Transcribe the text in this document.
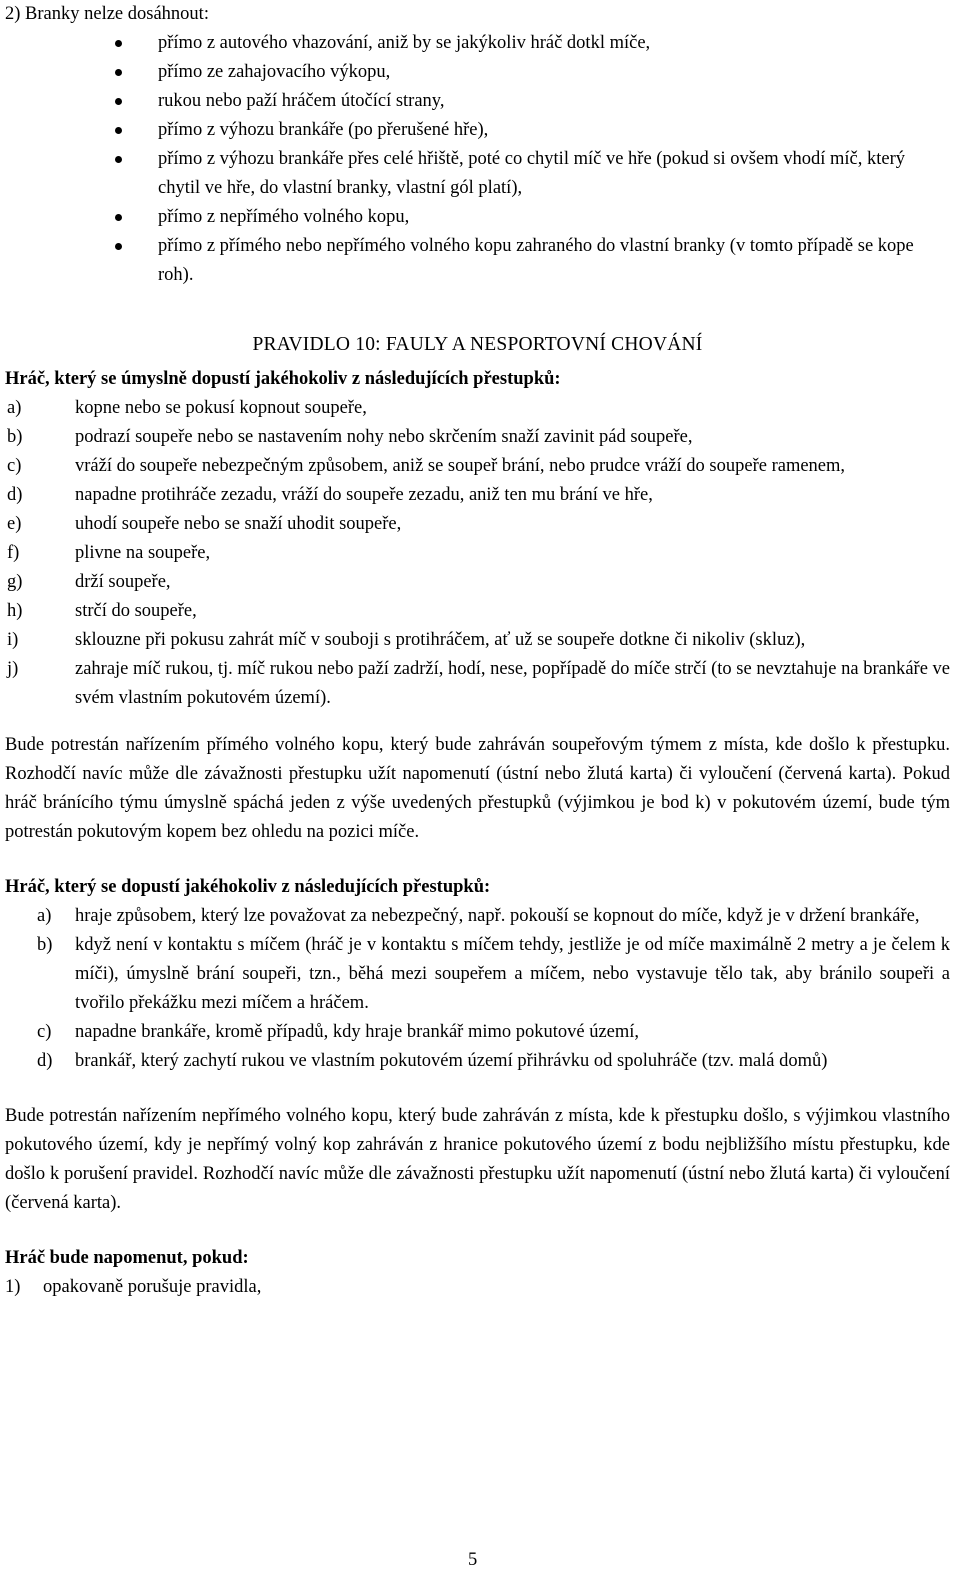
2) Branky nelze dosáhnout:
přímo z autového vhazování, aniž by se jakýkoliv hráč dotkl míče,
přímo ze zahajovacího výkopu,
rukou nebo paží hráčem útočící strany,
přímo z výhozu brankáře (po přerušené hře),
přímo z výhozu brankáře přes celé hřiště, poté co chytil míč ve hře (pokud si ovšem vhodí míč, který chytil ve hře, do vlastní branky, vlastní gól platí),
přímo z nepřímého volného kopu,
přímo z přímého nebo nepřímého volného kopu zahraného do vlastní branky (v tomto případě se kope roh).
PRAVIDLO 10: FAULY A NESPORTOVNÍ CHOVÁNÍ
Hráč, který se úmyslně dopustí jakéhokoliv z následujících přestupků:
a)	kopne nebo se pokusí kopnout soupeře,
b)	podrazí soupeře nebo se nastavením nohy nebo skrčením snaží zavinit pád soupeře,
c)	vráží do soupeře nebezpečným způsobem, aniž se soupeř brání, nebo prudce vráží do soupeře ramenem,
d)	napadne protihráče zezadu, vráží do soupeře zezadu, aniž ten mu brání ve hře,
e)	uhodí soupeře nebo se snaží uhodit soupeře,
f)	plivne na soupeře,
g)	drží soupeře,
h)	strčí do soupeře,
i)	sklouzne při pokusu zahrát míč v souboji s protihráčem, ať už se soupeře dotkne či nikoliv (skluz),
j)	zahraje míč rukou, tj. míč rukou nebo paží zadrží, hodí, nese, popřípadě do míče strčí (to se nevztahuje na brankáře ve svém vlastním pokutovém území).

Bude potrestán nařízením přímého volného kopu, který bude zahráván soupeřovým týmem z místa, kde došlo k přestupku. Rozhodčí navíc může dle závažnosti přestupku užít napomenutí (ústní nebo žlutá karta) či vyloučení (červená karta). Pokud hráč bránícího týmu úmyslně spáchá jeden z výše uvedených přestupků (výjimkou je bod k) v pokutovém území, bude tým potrestán pokutovým kopem bez ohledu na pozici míče.

Hráč, který se dopustí jakéhokoliv z následujících přestupků:
a) hraje způsobem, který lze považovat za nebezpečný, např. pokouší se kopnout do míče, když je v držení brankáře,
b) když není v kontaktu s míčem (hráč je v kontaktu s míčem tehdy, jestliže je od míče maximálně 2 metry a je čelem k míči), úmyslně brání soupeři, tzn., běhá mezi soupeřem a míčem, nebo vystavuje tělo tak, aby bránilo soupeři a tvořilo překážku mezi míčem a hráčem.
c) napadne brankáře, kromě případů, kdy hraje brankář mimo pokutové území,
d) brankář, který zachytí rukou ve vlastním pokutovém území přihrávku od spoluhráče (tzv. malá domů)

Bude potrestán nařízením nepřímého volného kopu, který bude zahráván z místa, kde k přestupku došlo, s výjimkou vlastního pokutového území, kdy je nepřímý volný kop zahráván z hranice pokutového území z bodu nejbližšího místu přestupku, kde došlo k porušení pravidel. Rozhodčí navíc může dle závažnosti přestupku užít napomenutí (ústní nebo žlutá karta) či vyloučení (červená karta).

Hráč bude napomenut, pokud:
1) opakovaně porušuje pravidla,
5
